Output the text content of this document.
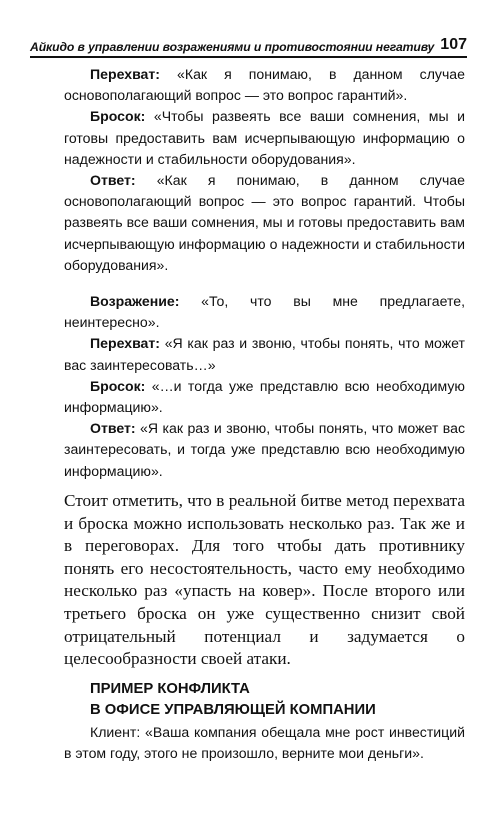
Айкидо в управлении возражениями и противостоянии негативу 107

Перехват: «Как я понимаю, в данном случае основополагающий вопрос — это вопрос гарантий».

Бросок: «Чтобы развеять все ваши сомнения, мы и готовы предоставить вам исчерпывающую информацию о надежности и стабильности оборудования».

Ответ: «Как я понимаю, в данном случае основополагающий вопрос — это вопрос гарантий. Чтобы развеять все ваши сомнения, мы и готовы предоставить вам исчерпывающую информацию о надежности и стабильности оборудования».

Возражение: «То, что вы мне предлагаете, неинтересно».

Перехват: «Я как раз и звоню, чтобы понять, что может вас заинтересовать…»

Бросок: «…и тогда уже представлю всю необходимую информацию».

Ответ: «Я как раз и звоню, чтобы понять, что может вас заинтересовать, и тогда уже представлю всю необходимую информацию».

Стоит отметить, что в реальной битве метод перехвата и броска можно использовать несколько раз. Так же и в переговорах. Для того чтобы дать противнику понять его несостоятельность, часто ему необходимо несколько раз «упасть на ковер». После второго или третьего броска он уже существенно снизит свой отрицательный потенциал и задумается о целесообразности своей атаки.

ПРИМЕР КОНФЛИКТА
В ОФИСЕ УПРАВЛЯЮЩЕЙ КОМПАНИИ

Клиент: «Ваша компания обещала мне рост инвестиций в этом году, этого не произошло, верните мои деньги».
